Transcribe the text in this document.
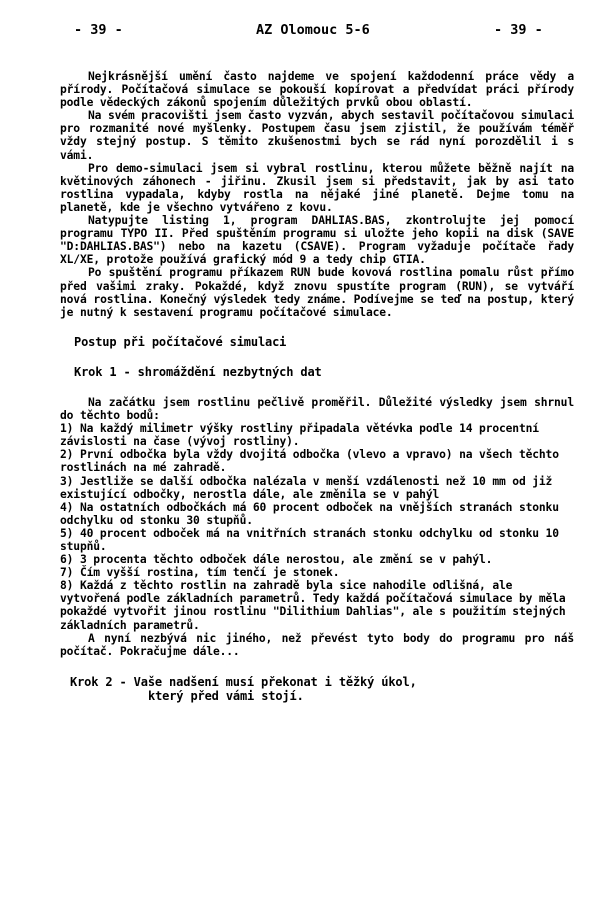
- 39 -	AZ Olomouc 5-6	- 39 -

Nejkrásnější umění často najdeme ve spojení každodenní práce vědy a přírody. Počítačová simulace se pokouší kopírovat a předvídat práci přírody podle vědeckých zákonů spojením důležitých prvků obou oblastí.

Na svém pracovišti jsem často vyzván, abych sestavil počítačovou simulaci pro rozmanité nové myšlenky. Postupem času jsem zjistil, že používám téměř vždy stejný postup. S těmito zkušenostmi bych se rád nyní porozdělil i s vámi.

Pro demo-simulaci jsem si vybral rostlinu, kterou můžete běžně najít na květinových záhonech - jiřinu. Zkusil jsem si představit, jak by asi tato rostlina vypadala, kdyby rostla na nějaké jiné planetě. Dejme tomu na planetě, kde je všechno vytvářeno z kovu.

Natypujte listing 1, program DAHLIAS.BAS, zkontrolujte jej pomocí programu TYPO II. Před spuštěním programu si uložte jeho kopii na disk (SAVE "D:DAHLIAS.BAS") nebo na kazetu (CSAVE). Program vyžaduje počítače řady XL/XE, protože používá grafický mód 9 a tedy chip GTIA.

Po spuštění programu příkazem RUN bude kovová rostlina pomalu růst přímo před vašimi zraky. Pokaždé, když znovu spustíte program (RUN), se vytváří nová rostlina. Konečný výsledek tedy známe. Podívejme se teď na postup, který je nutný k sestavení programu počítačové simulace.

Postup při počítačové simulaci

Krok 1 - shromáždění nezbytných dat

Na začátku jsem rostlinu pečlivě proměřil. Důležité výsledky jsem shrnul do těchto bodů:

1) Na každý milimetr výšky rostliny připadala větévka podle 14 procentní závislosti na čase (vývoj rostliny).

2) První odbočka byla vždy dvojitá odbočka (vlevo a vpravo) na všech těchto rostlinách na mé zahradě.

3) Jestliže se další odbočka nalézala v menší vzdálenosti než 10 mm od již existující odbočky, nerostla dále, ale změnila se v pahýl

4) Na ostatních odbočkách má 60 procent odboček na vnějších stranách stonku odchylku od stonku 30 stupňů.

5) 40 procent odboček má na vnitřních stranách stonku odchylku od stonku 10 stupňů.

6) 3 procenta těchto odboček dále nerostou, ale změní se v pahýl.

7) Čím vyšší rostina, tím tenčí je stonek.

8) Každá z těchto rostlin na zahradě byla sice nahodile odlišná, ale vytvořená podle základních parametrů. Tedy každá počítačová simulace by měla pokaždé vytvořit jinou rostlinu "Dilithium Dahlias", ale s použitím stejných základních parametrů.

A nyní nezbývá nic jiného, než převést tyto body do programu pro náš počítač. Pokračujme dále...

Krok 2 - Vaše nadšení musí překonat i těžký úkol,
který před vámi stojí.
